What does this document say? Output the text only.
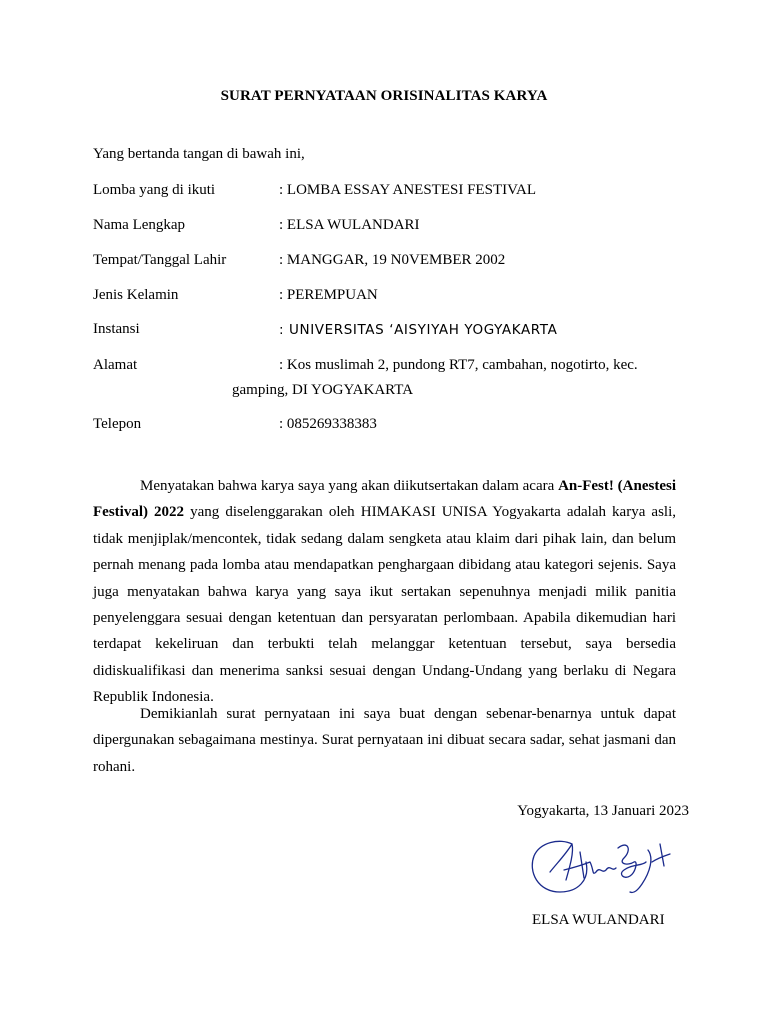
SURAT PERNYATAAN ORISINALITAS KARYA
Yang bertanda tangan di bawah ini,
Lomba yang di ikuti	: LOMBA ESSAY ANESTESI FESTIVAL
Nama Lengkap	: ELSA WULANDARI
Tempat/Tanggal Lahir	: MANGGAR, 19 N0VEMBER 2002
Jenis Kelamin	: PEREMPUAN
Instansi	: UNIVERSITAS ‘AISYIYAH YOGYAKARTA
Alamat	: Kos muslimah 2, pundong RT7, cambahan, nogotirto, kec.
gamping, DI YOGYAKARTA
Telepon	: 085269338383

Menyatakan bahwa karya saya yang akan diikutsertakan dalam acara An-Fest! (Anestesi Festival) 2022 yang diselenggarakan oleh HIMAKASI UNISA Yogyakarta adalah karya asli, tidak menjiplak/mencontek, tidak sedang dalam sengketa atau klaim dari pihak lain, dan belum pernah menang pada lomba atau mendapatkan penghargaan dibidang atau kategori sejenis. Saya juga menyatakan bahwa karya yang saya ikut sertakan sepenuhnya menjadi milik panitia penyelenggara sesuai dengan ketentuan dan persyaratan perlombaan. Apabila dikemudian hari terdapat kekeliruan dan terbukti telah melanggar ketentuan tersebut, saya bersedia didiskualifikasi dan menerima sanksi sesuai dengan Undang-Undang yang berlaku di Negara Republik Indonesia.

Demikianlah surat pernyataan ini saya buat dengan sebenar-benarnya untuk dapat dipergunakan sebagaimana mestinya. Surat pernyataan ini dibuat secara sadar, sehat jasmani dan rohani.

Yogyakarta, 13 Januari 2023
ELSA WULANDARI
